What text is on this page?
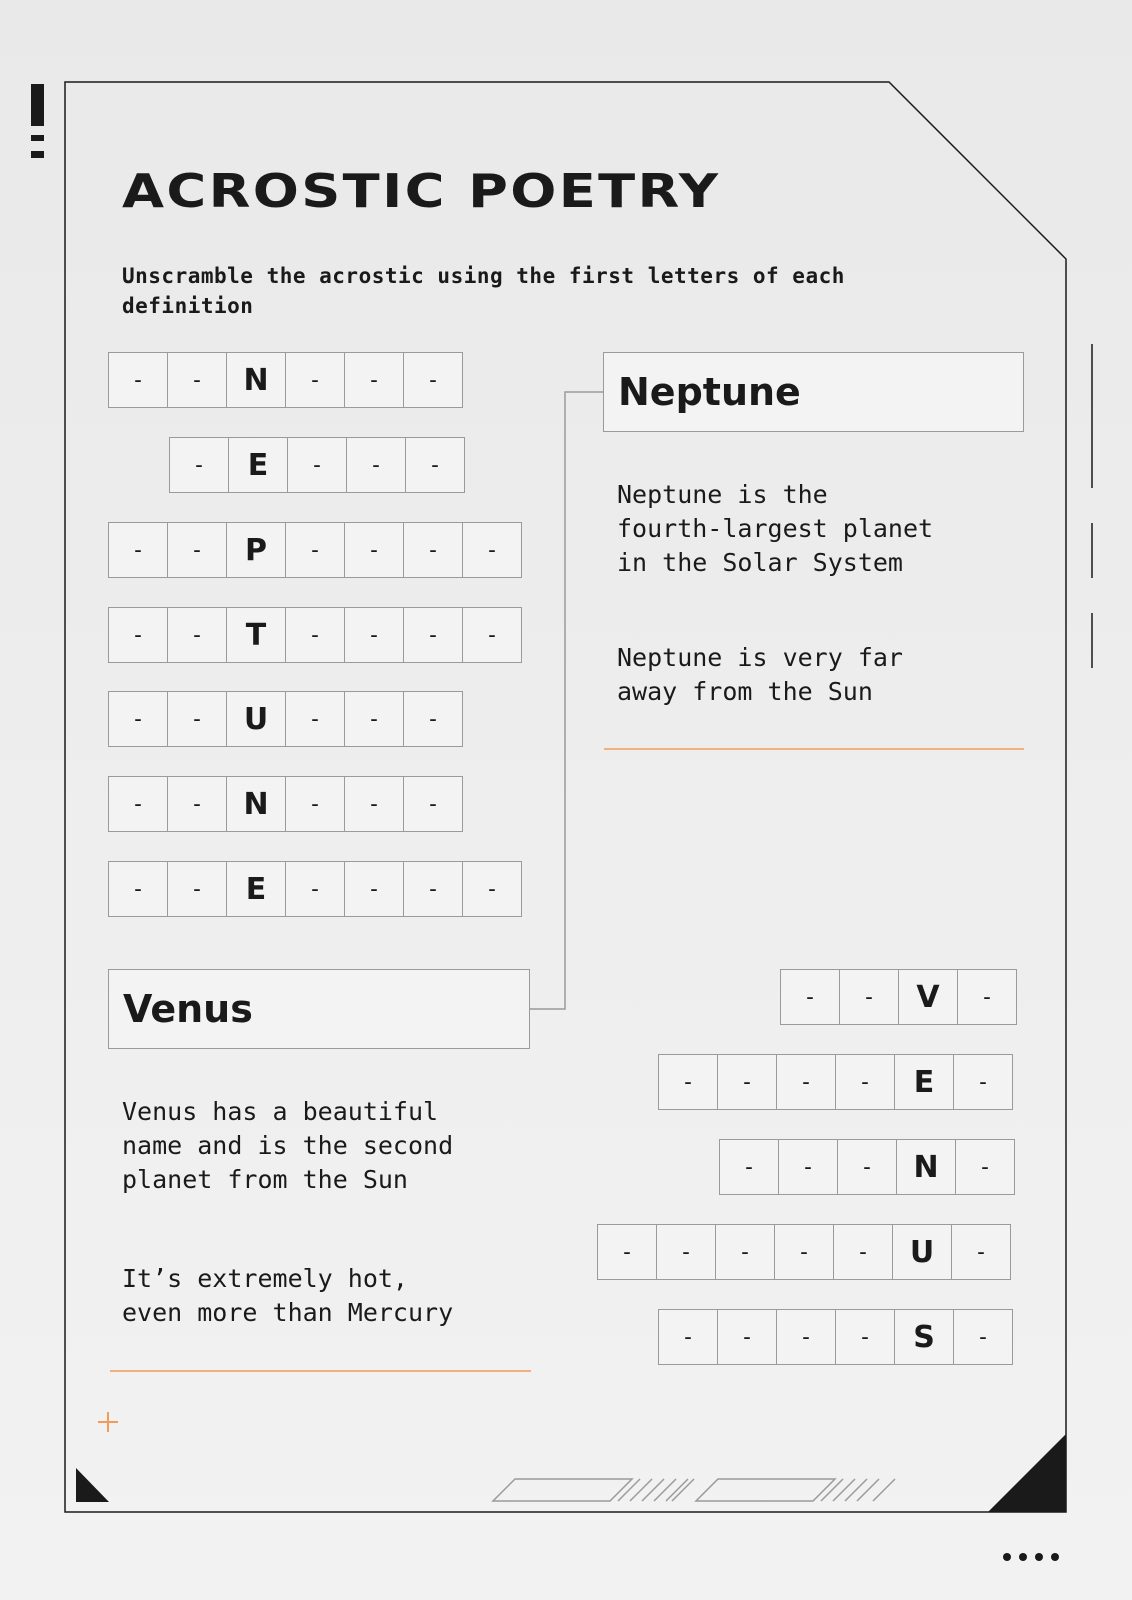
ACROSTIC POETRY
Unscramble the acrostic using the first letters of each definition
-	-	N	-	-	-
-	E	-	-	-
-	-	P	-	-	-	-
-	-	T	-	-	-	-
-	-	U	-	-	-
-	-	N	-	-	-
-	-	E	-	-	-	-
Neptune
Neptune is the
fourth-largest planet
in the Solar System
Neptune is very far
away from the Sun
Venus
Venus has a beautiful
name and is the second
planet from the Sun
It’s extremely hot,
even more than Mercury
-	-	V	-
-	-	-	-	E	-
-	-	-	N	-
-	-	-	-	-	U	-
-	-	-	-	S	-
